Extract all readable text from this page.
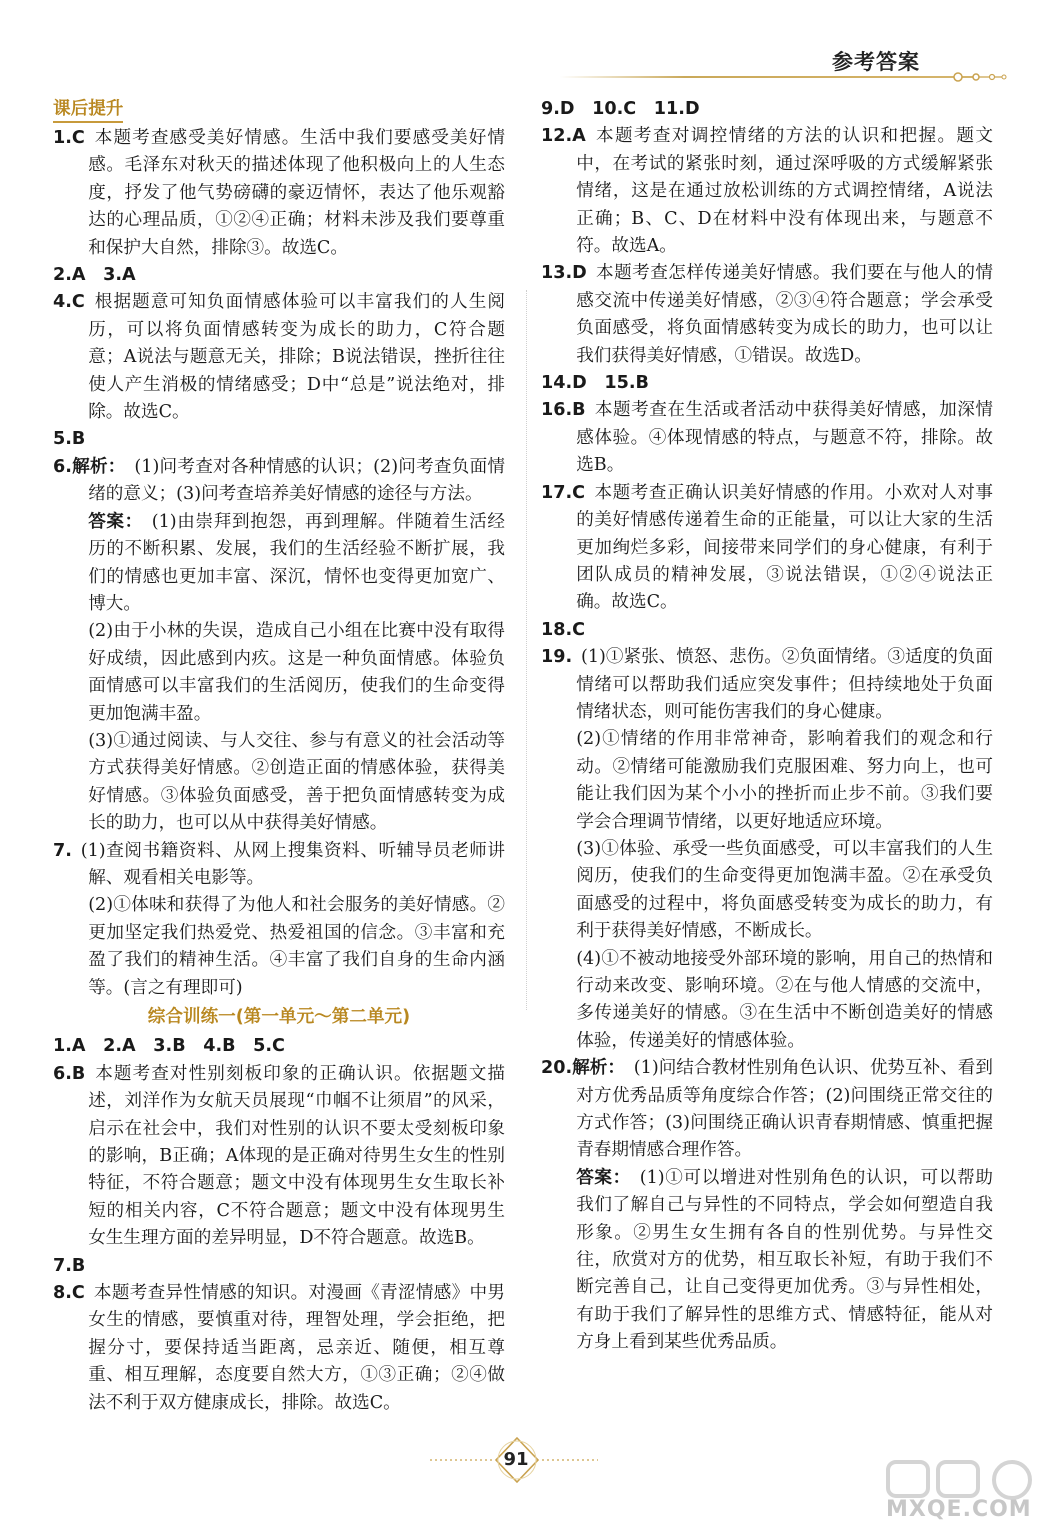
参考答案
课后提升
1.C  本题考查感受美好情感。生活中我们要感受美好情感。毛泽东对秋天的描述体现了他积极向上的人生态度，抒发了他气势磅礴的豪迈情怀，表达了他乐观豁达的心理品质，①②④正确；材料未涉及我们要尊重和保护大自然，排除③。故选C。
2.A　3.A 
4.C  根据题意可知负面情感体验可以丰富我们的人生阅历，可以将负面情感转变为成长的助力，C符合题意；A说法与题意无关，排除；B说法错误，挫折往往使人产生消极的情绪感受；D中“总是”说法绝对，排除。故选C。
5.B 
6.解析：  (1)问考查对各种情感的认识；(2)问考查负面情绪的意义；(3)问考查培养美好情感的途径与方法。
答案：  (1)由崇拜到抱怨，再到理解。伴随着生活经历的不断积累、发展，我们的生活经验不断扩展，我们的情感也更加丰富、深沉，情怀也变得更加宽广、博大。
(2)由于小林的失误，造成自己小组在比赛中没有取得好成绩，因此感到内疚。这是一种负面情感。体验负面情感可以丰富我们的生活阅历，使我们的生命变得更加饱满丰盈。
(3)①通过阅读、与人交往、参与有意义的社会活动等方式获得美好情感。②创造正面的情感体验，获得美好情感。③体验负面感受，善于把负面情感转变为成长的助力，也可以从中获得美好情感。
7.  (1)查阅书籍资料、从网上搜集资料、听辅导员老师讲解、观看相关电影等。
(2)①体味和获得了为他人和社会服务的美好情感。②更加坚定我们热爱党、热爱祖国的信念。③丰富和充盈了我们的精神生活。④丰富了我们自身的生命内涵等。(言之有理即可)
综合训练一(第一单元～第二单元)
1.A　2.A　3.B　4.B　5.C 
6.B  本题考查对性别刻板印象的正确认识。依据题文描述，刘洋作为女航天员展现“巾帼不让须眉”的风采，启示在社会中，我们对性别的认识不要太受刻板印象的影响，B正确；A体现的是正确对待男生女生的性别特征，不符合题意；题文中没有体现男生女生取长补短的相关内容，C不符合题意；题文中没有体现男生女生生理方面的差异明显，D不符合题意。故选B。
7.B 
8.C  本题考查异性情感的知识。对漫画《青涩情感》中男女生的情感，要慎重对待，理智处理，学会拒绝，把握分寸，要保持适当距离，忌亲近、随便，相互尊重、相互理解，态度要自然大方，①③正确；②④做法不利于双方健康成长，排除。故选C。
9.D　10.C　11.D 
12.A  本题考查对调控情绪的方法的认识和把握。题文中，在考试的紧张时刻，通过深呼吸的方式缓解紧张情绪，这是在通过放松训练的方式调控情绪，A说法正确；B、C、D在材料中没有体现出来，与题意不符。故选A。
13.D  本题考查怎样传递美好情感。我们要在与他人的情感交流中传递美好情感，②③④符合题意；学会承受负面感受，将负面情感转变为成长的助力，也可以让我们获得美好情感，①错误。故选D。
14.D　15.B 
16.B  本题考查在生活或者活动中获得美好情感，加深情感体验。④体现情感的特点，与题意不符，排除。故选B。
17.C  本题考查正确认识美好情感的作用。小欢对人对事的美好情感传递着生命的正能量，可以让大家的生活更加绚烂多彩，间接带来同学们的身心健康，有利于团队成员的精神发展，③说法错误，①②④说法正确。故选C。
18.C 
19.  (1)①紧张、愤怒、悲伤。②负面情绪。③适度的负面情绪可以帮助我们适应突发事件；但持续地处于负面情绪状态，则可能伤害我们的身心健康。
(2)①情绪的作用非常神奇，影响着我们的观念和行动。②情绪可能激励我们克服困难、努力向上，也可能让我们因为某个小小的挫折而止步不前。③我们要学会合理调节情绪，以更好地适应环境。
(3)①体验、承受一些负面感受，可以丰富我们的人生阅历，使我们的生命变得更加饱满丰盈。②在承受负面感受的过程中，将负面感受转变为成长的助力，有利于获得美好情感，不断成长。
(4)①不被动地接受外部环境的影响，用自己的热情和行动来改变、影响环境。②在与他人情感的交流中，多传递美好的情感。③在生活中不断创造美好的情感体验，传递美好的情感体验。
20.解析：  (1)问结合教材性别角色认识、优势互补、看到对方优秀品质等角度综合作答；(2)问围绕正常交往的方式作答；(3)问围绕正确认识青春期情感、慎重把握青春期情感合理作答。
答案：  (1)①可以增进对性别角色的认识，可以帮助我们了解自己与异性的不同特点，学会如何塑造自我形象。②男生女生拥有各自的性别优势。与异性交往，欣赏对方的优势，相互取长补短，有助于我们不断完善自己，让自己变得更加优秀。③与异性相处，有助于我们了解异性的思维方式、情感特征，能从对方身上看到某些优秀品质。
91
MXQE.COM
